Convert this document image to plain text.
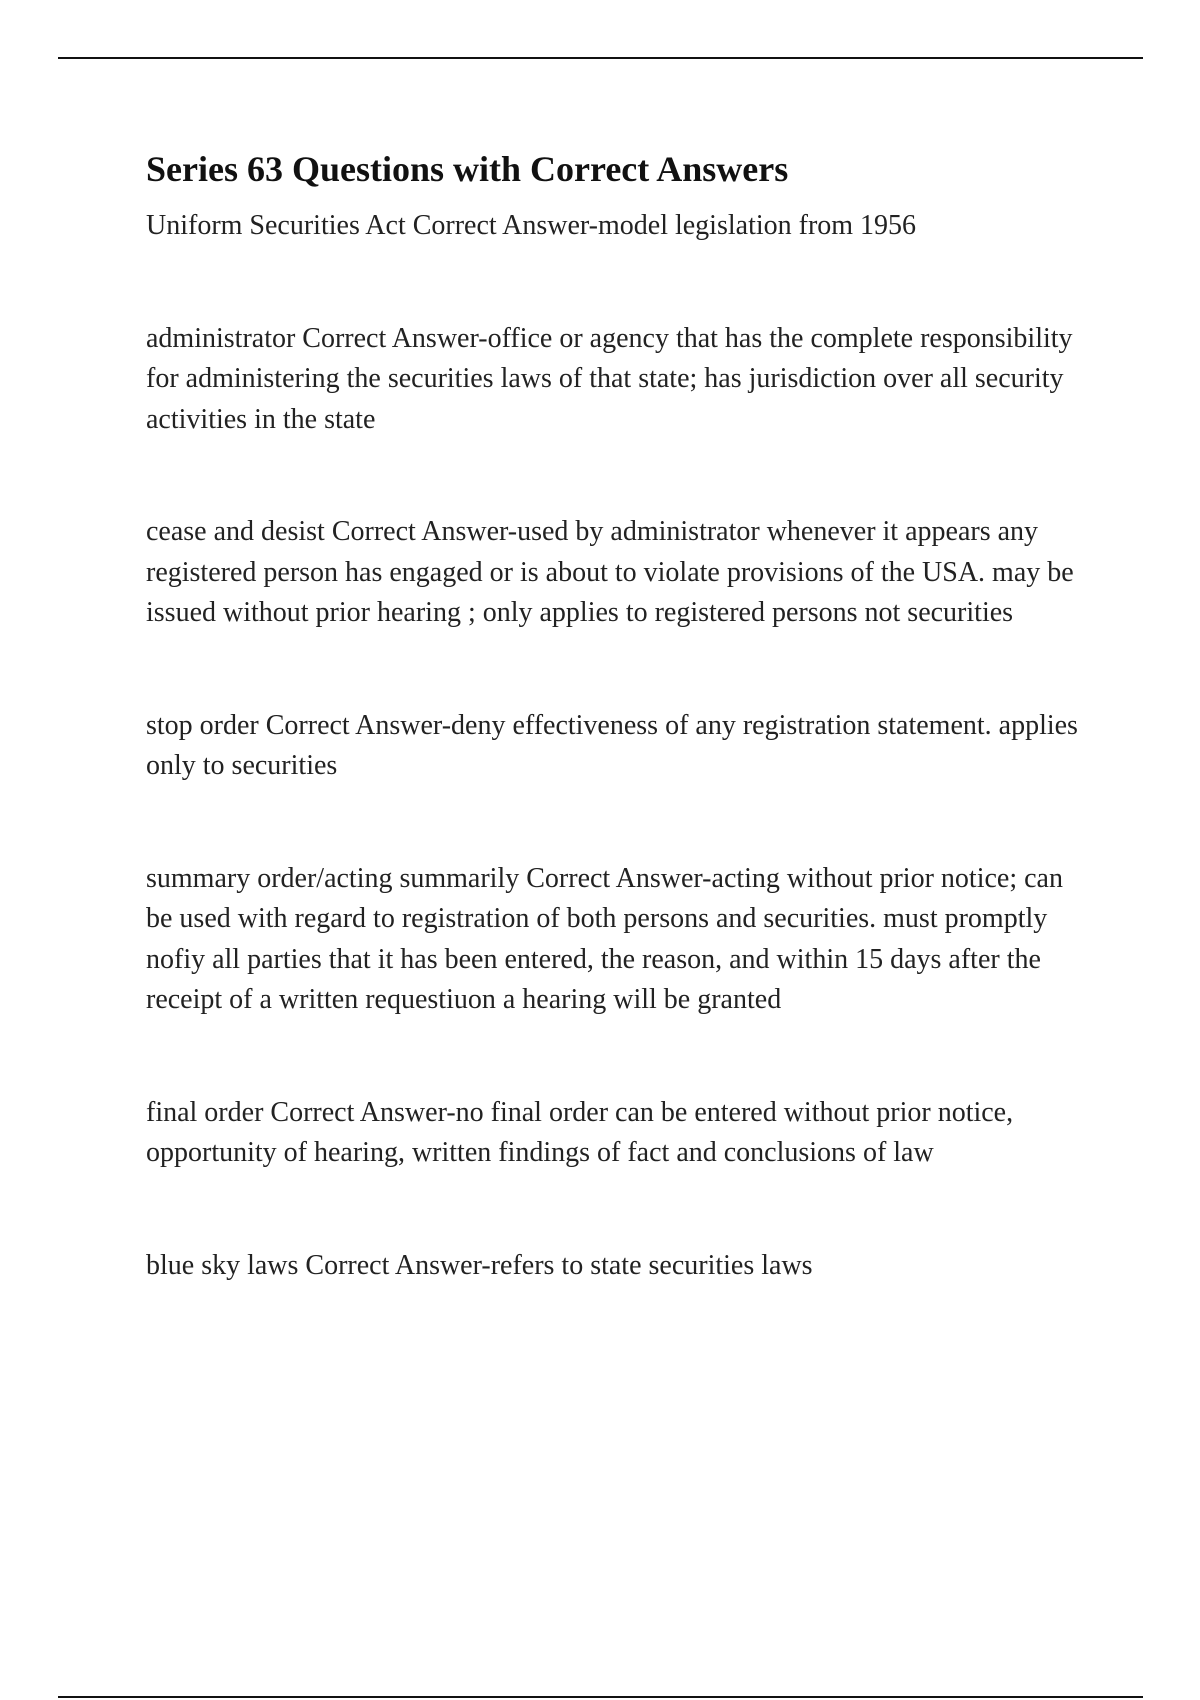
Series 63 Questions with Correct Answers

Uniform Securities Act Correct Answer-model legislation from 1956

administrator Correct Answer-office or agency that has the complete responsibility for administering the securities laws of that state; has jurisdiction over all security activities in the state

cease and desist Correct Answer-used by administrator whenever it appears any registered person has engaged or is about to violate provisions of the USA. may be issued without prior hearing ; only applies to registered persons not securities

stop order Correct Answer-deny effectiveness of any registration statement. applies only to securities

summary order/acting summarily Correct Answer-acting without prior notice; can be used with regard to registration of both persons and securities. must promptly nofiy all parties that it has been entered, the reason, and within 15 days after the receipt of a written requestiuon a hearing will be granted

final order Correct Answer-no final order can be entered without prior notice, opportunity of hearing, written findings of fact and conclusions of law

blue sky laws Correct Answer-refers to state securities laws
